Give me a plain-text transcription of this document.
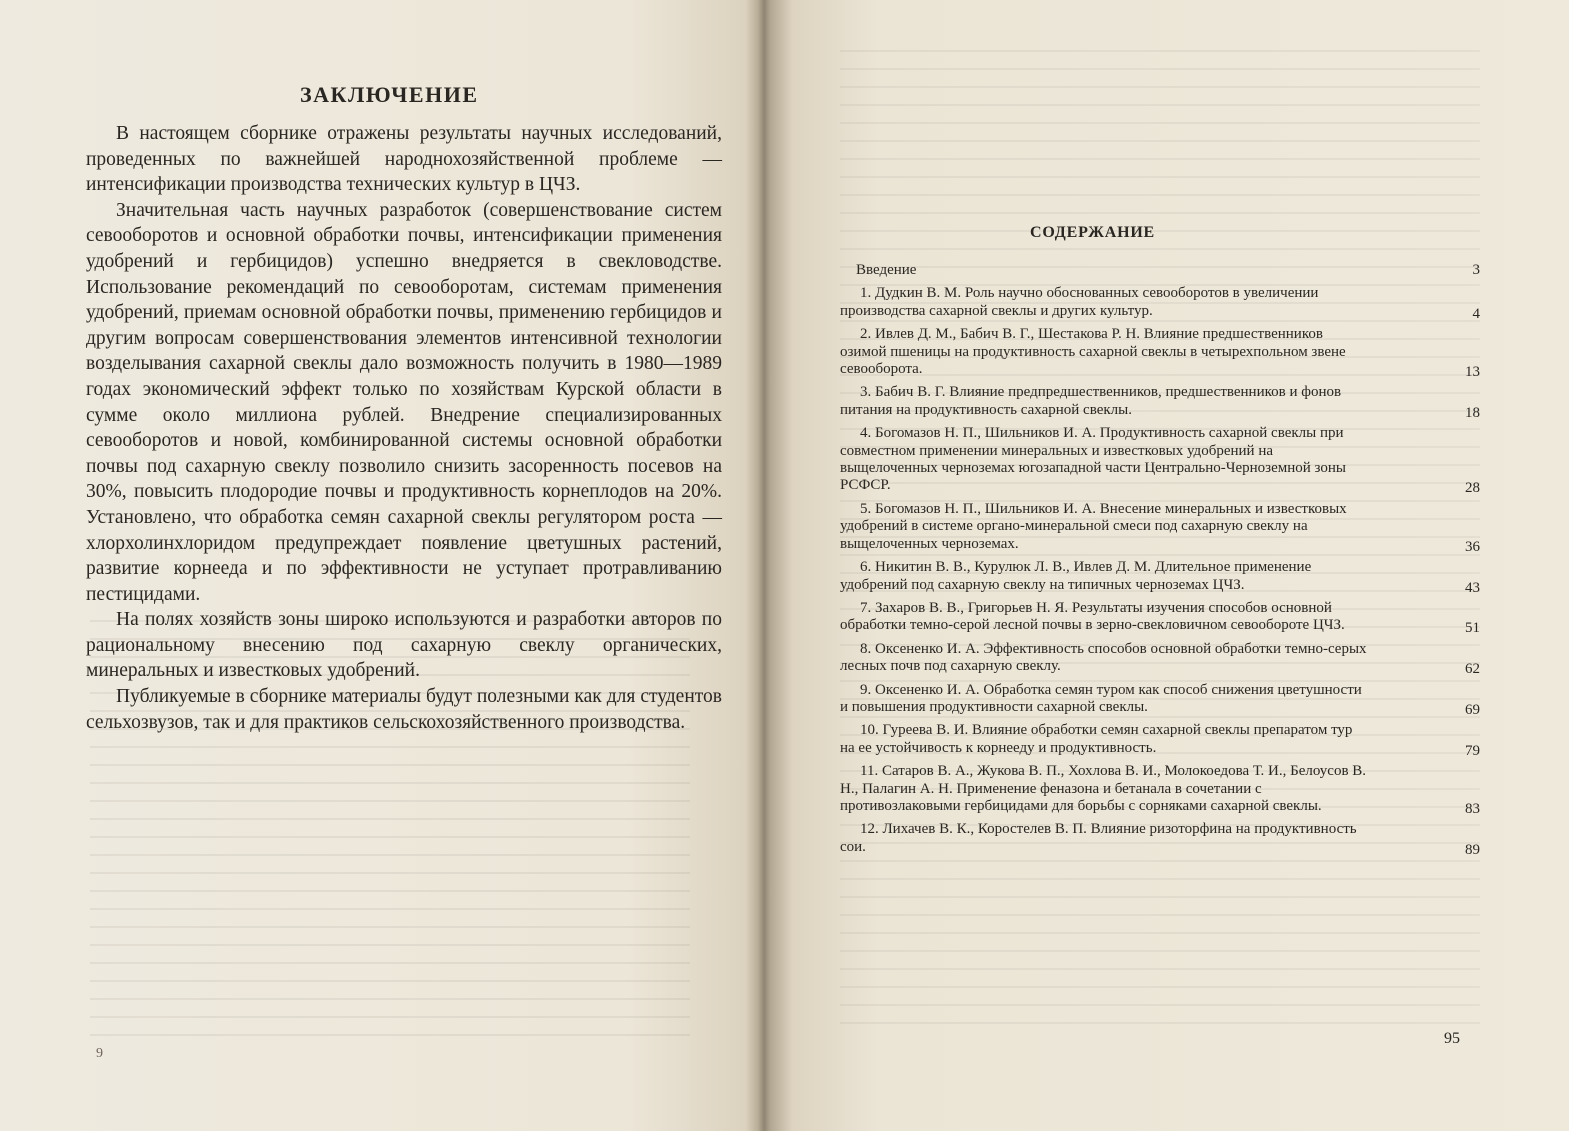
ЗАКЛЮЧЕНИЕ

В настоящем сборнике отражены результаты научных исследований, проведенных по важнейшей народнохозяйственной проблеме — интенсификации производства технических культур в ЦЧЗ.

Значительная часть научных разработок (совершенствование систем севооборотов и основной обработки почвы, интенсификации применения удобрений и гербицидов) успешно внедряется в свекловодстве. Использование рекомендаций по севооборотам, системам применения удобрений, приемам основной обработки почвы, применению гербицидов и другим вопросам совершенствования элементов интенсивной технологии возделывания сахарной свеклы дало возможность получить в 1980—1989 годах экономический эффект только по хозяйствам Курской области в сумме около миллиона рублей. Внедрение специализированных севооборотов и новой, комбинированной системы основной обработки почвы под сахарную свеклу позволило снизить засоренность посевов на 30%, повысить плодородие почвы и продуктивность корнеплодов на 20%. Установлено, что обработка семян сахарной свеклы регулятором роста — хлорхолинхлоридом предупреждает появление цветушных растений, развитие корнееда и по эффективности не уступает протравливанию пестицидами.

На полях хозяйств зоны широко используются и разработки авторов по рациональному внесению под сахарную свеклу органических, минеральных и известковых удобрений.

Публикуемые в сборнике материалы будут полезными как для студентов сельхозвузов, так и для практиков сельскохозяйственного производства.

9
СОДЕРЖАНИЕ
Введение	3
1. Дудкин В. М. Роль научно обоснованных севооборотов в увеличении производства сахарной свеклы и других культур.	4
2. Ивлев Д. М., Бабич В. Г., Шестакова Р. Н. Влияние предшественников озимой пшеницы на продуктивность сахарной свеклы в четырехпольном звене севооборота.	13
3. Бабич В. Г. Влияние предпредшественников, предшественников и фонов питания на продуктивность сахарной свеклы.	18
4. Богомазов Н. П., Шильников И. А. Продуктивность сахарной свеклы при совместном применении минеральных и известковых удобрений на выщелоченных черноземах югозападной части Центрально-Черноземной зоны РСФСР.	28
5. Богомазов Н. П., Шильников И. А. Внесение минеральных и известковых удобрений в системе органо-минеральной смеси под сахарную свеклу на выщелоченных черноземах.	36
6. Никитин В. В., Курулюк Л. В., Ивлев Д. М. Длительное применение удобрений под сахарную свеклу на типичных черноземах ЦЧЗ.	43
7. Захаров В. В., Григорьев Н. Я. Результаты изучения способов основной обработки темно-серой лесной почвы в зерно-свекловичном севообороте ЦЧЗ.	51
8. Оксененко И. А. Эффективность способов основной обработки темно-серых лесных почв под сахарную свеклу.	62
9. Оксененко И. А. Обработка семян туром как способ снижения цветушности и повышения продуктивности сахарной свеклы.	69
10. Гуреева В. И. Влияние обработки семян сахарной свеклы препаратом тур на ее устойчивость к корнееду и продуктивность.	79
11. Сатаров В. А., Жукова В. П., Хохлова В. И., Молокоедова Т. И., Белоусов В. Н., Палагин А. Н. Применение феназона и бетанала в сочетании с противозлаковыми гербицидами для борьбы с сорняками сахарной свеклы.	83
12. Лихачев В. К., Коростелев В. П. Влияние ризоторфина на продуктивность сои.	89
95
